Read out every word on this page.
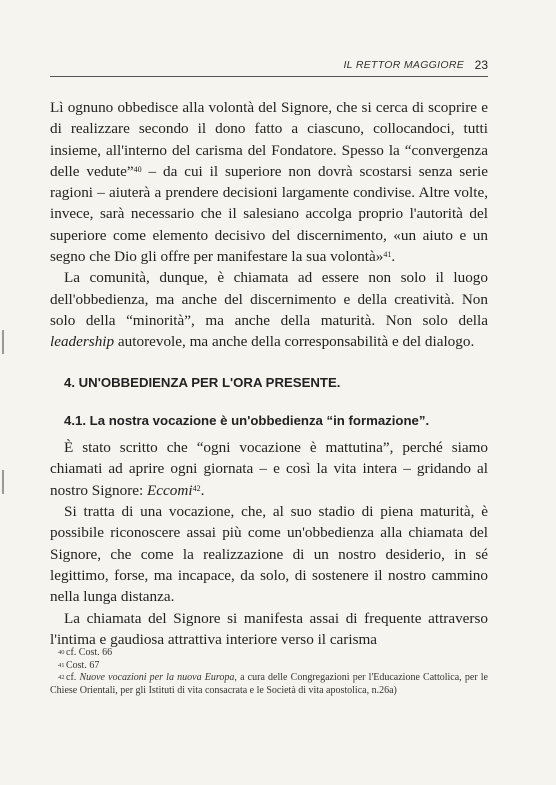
IL RETTOR MAGGIORE 23

Lì ognuno obbedisce alla volontà del Signore, che si cerca di scoprire e di realizzare secondo il dono fatto a ciascuno, collocandoci, tutti insieme, all'interno del carisma del Fondatore. Spesso la “convergenza delle vedute”$^{40}$ – da cui il superiore non dovrà scostarsi senza serie ragioni – aiuterà a prendere decisioni largamente condivise. Altre volte, invece, sarà necessario che il salesiano accolga proprio l'autorità del superiore come elemento decisivo del discernimento, «un aiuto e un segno che Dio gli offre per manifestare la sua volontà»$^{41}$.

La comunità, dunque, è chiamata ad essere non solo il luogo dell'obbedienza, ma anche del discernimento e della creatività. Non solo della “minorità”, ma anche della maturità. Non solo della leadership autorevole, ma anche della corresponsabilità e del dialogo.

4. UN'OBBEDIENZA PER L'ORA PRESENTE.

4.1. La nostra vocazione è un'obbedienza “in formazione”.

È stato scritto che “ogni vocazione è mattutina”, perché siamo chiamati ad aprire ogni giornata – e così la vita intera – gridando al nostro Signore: Eccomi$^{42}$.

Si tratta di una vocazione, che, al suo stadio di piena maturità, è possibile riconoscere assai più come un'obbedienza alla chiamata del Signore, che come la realizzazione di un nostro desiderio, in sé legittimo, forse, ma incapace, da solo, di sostenere il nostro cammino nella lunga distanza.

La chiamata del Signore si manifesta assai di frequente attraverso l'intima e gaudiosa attrattiva interiore verso il carisma

40 cf. Cost. 66

41 Cost. 67

42 cf. Nuove vocazioni per la nuova Europa, a cura delle Congregazioni per l'Educazione Cattolica, per le Chiese Orientali, per gli Istituti di vita consacrata e le Società di vita apostolica, n.26a)
